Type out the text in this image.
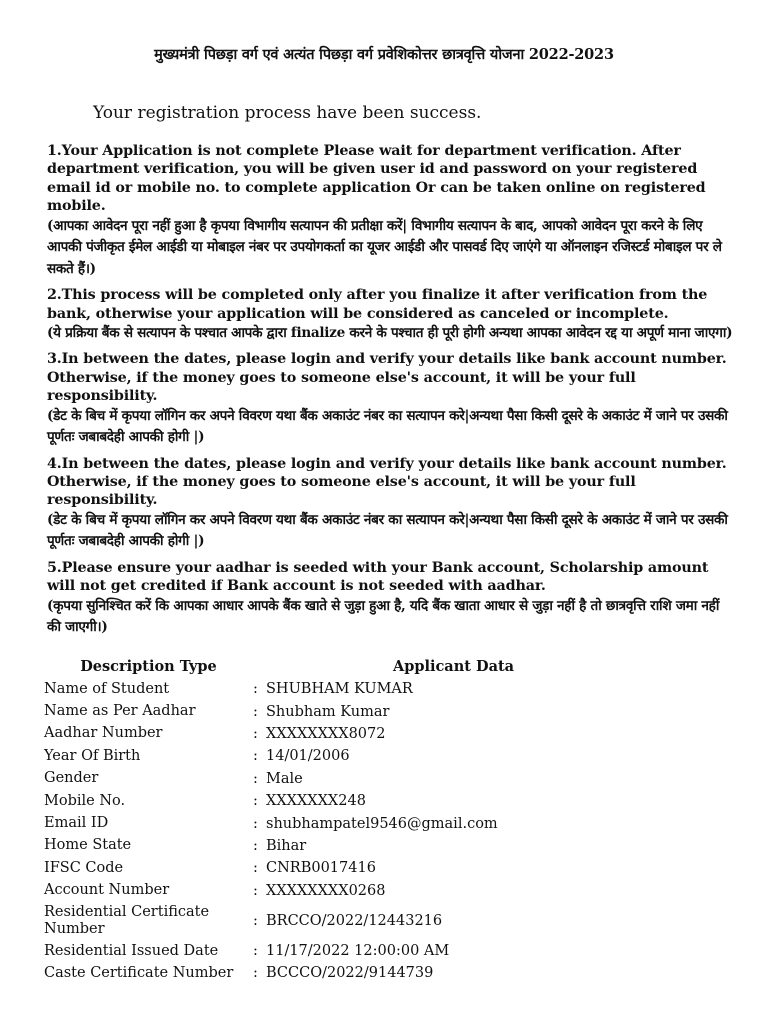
मुख्यमंत्री पिछड़ा वर्ग एवं अत्यंत पिछड़ा वर्ग प्रवेशिकोत्तर छात्रवृत्ति योजना 2022-2023
Your registration process have been success.
1.Your Application is not complete Please wait for department verification. After department verification, you will be given user id and password on your registered email id or mobile no. to complete application Or can be taken online on registered mobile.
(आपका आवेदन पूरा नहीं हुआ है कृपया विभागीय सत्यापन की प्रतीक्षा करें| विभागीय सत्यापन के बाद, आपको आवेदन पूरा करने के लिए आपकी पंजीकृत ईमेल आईडी या मोबाइल नंबर पर उपयोगकर्ता का यूजर आईडी और पासवर्ड दिए जाएंगे या ऑनलाइन रजिस्टर्ड मोबाइल पर ले सकते हैं।)
2.This process will be completed only after you finalize it after verification from the bank, otherwise your application will be considered as canceled or incomplete.
(ये प्रक्रिया बैंक से सत्यापन के पश्चात आपके द्वारा finalize करने के पश्चात ही पूरी होगी अन्यथा आपका आवेदन रद्द या अपूर्ण माना जाएगा)
3.In between the dates, please login and verify your details like bank account number. Otherwise, if the money goes to someone else's account, it will be your full responsibility.
(डेट के बिच में कृपया लॉगिन कर अपने विवरण यथा बैंक अकाउंट नंबर का सत्यापन करे|अन्यथा पैसा किसी दूसरे के अकाउंट में जाने पर उसकी पूर्णतः जबाबदेही आपकी होगी |)
4.In between the dates, please login and verify your details like bank account number. Otherwise, if the money goes to someone else's account, it will be your full responsibility.
(डेट के बिच में कृपया लॉगिन कर अपने विवरण यथा बैंक अकाउंट नंबर का सत्यापन करे|अन्यथा पैसा किसी दूसरे के अकाउंट में जाने पर उसकी पूर्णतः जबाबदेही आपकी होगी |)
5.Please ensure your aadhar is seeded with your Bank account, Scholarship amount will not get credited if Bank account is not seeded with aadhar.
(कृपया सुनिश्चित करें कि आपका आधार आपके बैंक खाते से जुड़ा हुआ है, यदि बैंक खाता आधार से जुड़ा नहीं है तो छात्रवृत्ति राशि जमा नहीं की जाएगी।)
Description Type		Applicant Data
Name of Student	:	SHUBHAM KUMAR
Name as Per Aadhar	:	Shubham Kumar
Aadhar Number	:	XXXXXXXX8072
Year Of Birth	:	14/01/2006
Gender	:	Male
Mobile No.	:	XXXXXXX248
Email ID	:	shubhampatel9546@gmail.com
Home State	:	Bihar
IFSC Code	:	CNRB0017416
Account Number	:	XXXXXXXX0268
Residential Certificate Number	:	BRCCO/2022/12443216
Residential Issued Date	:	11/17/2022 12:00:00 AM
Caste Certificate Number	:	BCCCO/2022/9144739
